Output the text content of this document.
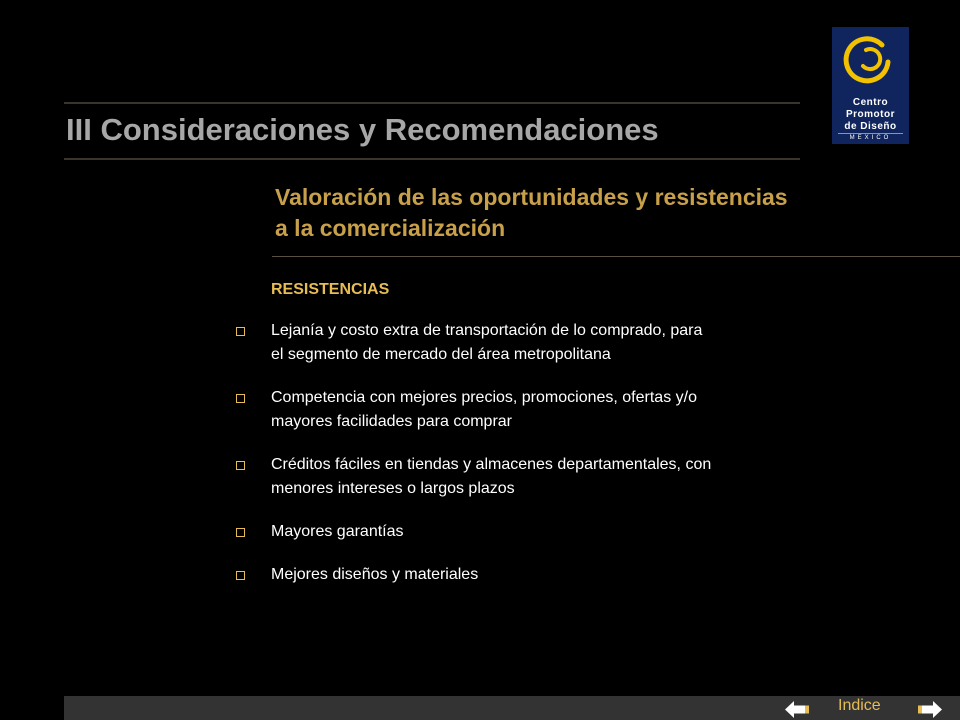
III Consideraciones y Recomendaciones
Centro
Promotor
de Diseño
MEXICO
Valoración de las oportunidades y resistencias a la comercialización
RESISTENCIAS
Lejanía y costo extra de transportación de lo comprado, para el segmento de mercado del área metropolitana
Competencia con mejores precios, promociones, ofertas y/o mayores facilidades para comprar
Créditos fáciles en tiendas y almacenes departamentales, con menores intereses o largos plazos
Mayores garantías
Mejores diseños y materiales
Indice
